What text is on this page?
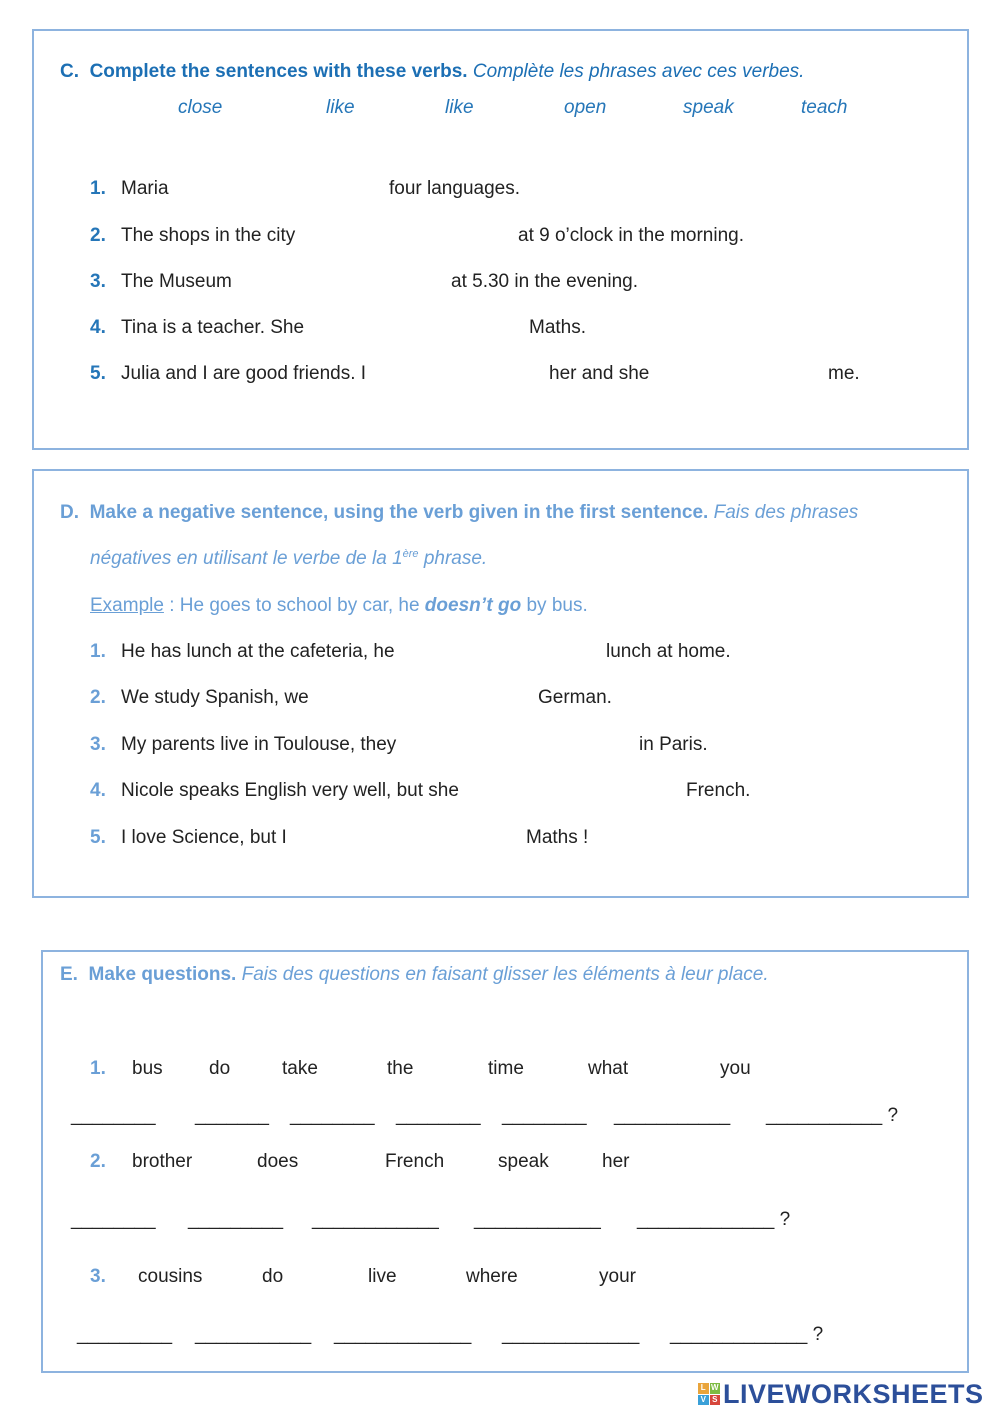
C. Complete the sentences with these verbs. Complète les phrases avec ces verbes.
close	like	like	open	speak	teach
1. Maria	four languages.
2. The shops in the city	at 9 o’clock in the morning.
3. The Museum	at 5.30 in the evening.
4. Tina is a teacher. She	Maths.
5. Julia and I are good friends. I	her and she	me.
D. Make a negative sentence, using the verb given in the first sentence. Fais des phrases
négatives en utilisant le verbe de la 1ère phrase.
Example : He goes to school by car, he doesn’t go by bus.
1. He has lunch at the cafeteria, he	lunch at home.
2. We study Spanish, we	German.
3. My parents live in Toulouse, they	in Paris.
4. Nicole speaks English very well, but she	French.
5. I love Science, but I	Maths !
E. Make questions. Fais des questions en faisant glisser les éléments à leur place.
1. bus do	take	the	time	what	you
________ _______ ________ ________ ________ ___________ ___________ ?
2. brother	does	French	speak	her
________ _________ ____________ ____________ _____________ ?
3. cousins	do	live	where	your
_________ ___________ _____________ _____________ _____________ ?
L W
V S LIVEWORKSHEETS
